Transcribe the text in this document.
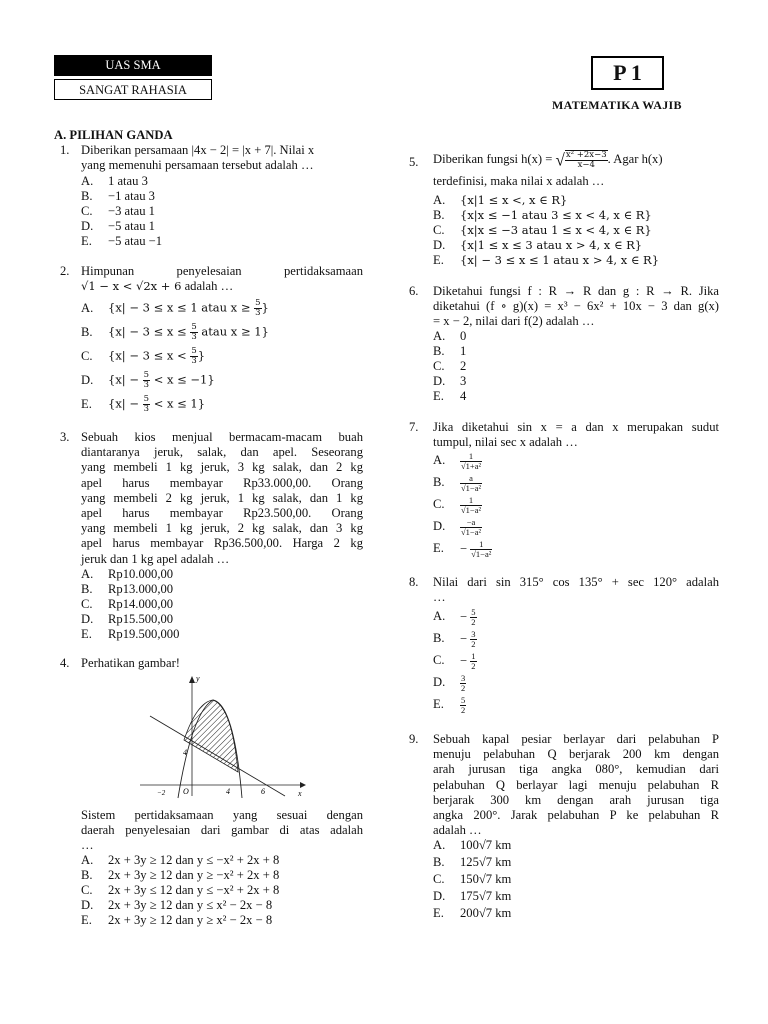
UAS SMA
SANGAT RAHASIA
P 1
MATEMATIKA WAJIB
A. PILIHAN GANDA
1. Diberikan persamaan |4x − 2| = |x + 7|. Nilai x
yang memenuhi persamaan tersebut adalah …
A. 1 atau 3
B. −1 atau 3
C. −3 atau 1
D. −5 atau 1
E. −5 atau −1
2. Himpunan penyelesaian pertidaksamaan
√1 − x < √2x + 6 adalah …
A. {x| − 3 ≤ x ≤ 1 atau $x \ge \frac{5}{3}$ }
B. {$x| - 3 \le x \le \frac{5}{3}$ atau x ≥ 1}
C. {$x| - 3 \le x < \frac{5}{3}$ }
D. $\{x| - \frac{5}{3} < x \le -1\}$
E. $\{x| - \frac{5}{3} < x \le 1\}$
3. Sebuah kios menjual bermacam-macam buah
diantaranya jeruk, salak, dan apel. Seseorang
yang membeli 1 kg jeruk, 3 kg salak, dan 2 kg
apel harus membayar Rp33.000,00. Orang
yang membeli 2 kg jeruk, 1 kg salak, dan 1 kg
apel harus membayar Rp23.500,00. Orang
yang membeli 1 kg jeruk, 2 kg salak, dan 3 kg
apel harus membayar Rp36.500,00. Harga 2 kg
jeruk dan 1 kg apel adalah …
A. Rp10.000,00
B. Rp13.000,00
C. Rp14.000,00
D. Rp15.500,00
E. Rp19.500,000
4. Perhatikan gambar!
y
x
4
−2 O	4	6
Sistem pertidaksamaan yang sesuai dengan
daerah penyelesaian dari gambar di atas adalah
…
A. 2x + 3y ≥ 12 dan y ≤ −x² + 2x + 8
B. 2x + 3y ≥ 12 dan y ≥ −x² + 2x + 8
C. 2x + 3y ≤ 12 dan y ≤ −x² + 2x + 8
D. 2x + 3y ≥ 12 dan y ≤ x² − 2x − 8
E. 2x + 3y ≥ 12 dan y ≥ x² − 2x − 8
5. Diberikan fungsi h(x) = √ $\frac{\text{x² +2x−3}}{x-4}$ . Agar h(x)
terdefinisi, maka nilai x adalah …
A. {x|1 ≤ x <, x ∈ R}
B. {x|x ≤ −1 atau 3 ≤ x < 4, x ∈ R}
C. {x|x ≤ −3 atau 1 ≤ x < 4, x ∈ R}
D. {x|1 ≤ x ≤ 3 atau x > 4, x ∈ R}
E. {x| − 3 ≤ x ≤ 1 atau x > 4, x ∈ R}
6. Diketahui fungsi f : R → R dan g : R → R. Jika
diketahui (f ∘ g)(x) = x³ − 6x² + 10x − 3 dan g(x)
= x − 2, nilai dari f(2) adalah …
A. 0
B. 1
C. 2
D. 3
E. 4
7. Jika diketahui sin x = a dan x merupakan sudut
tumpul, nilai sec x adalah …
A. $\frac{1}{\text{√1+a²}}$
B. $\frac{a}{\text{√1−a²}}$
C. $\frac{1}{\text{√1−a²}}$
D. $\frac{-a}{\text{√1−a²}}$
E. − $\frac{1}{\text{√1−a²}}$
8. Nilai dari sin 315° cos 135° + sec 120° adalah
…
A. − $\frac{5}{2}$
B. − $\frac{3}{2}$
C. − $\frac{1}{2}$
D. $\frac{3}{2}$
E. $\frac{5}{2}$
9. Sebuah kapal pesiar berlayar dari pelabuhan P
menuju pelabuhan Q berjarak 200 km dengan
arah jurusan tiga angka 080°, kemudian dari
pelabuhan Q berlayar lagi menuju pelabuhan R
berjarak 300 km dengan arah jurusan tiga
angka 200°. Jarak pelabuhan P ke pelabuhan R
adalah …
A. 100√7 km
B. 125√7 km
C. 150√7 km
D. 175√7 km
E. 200√7 km
